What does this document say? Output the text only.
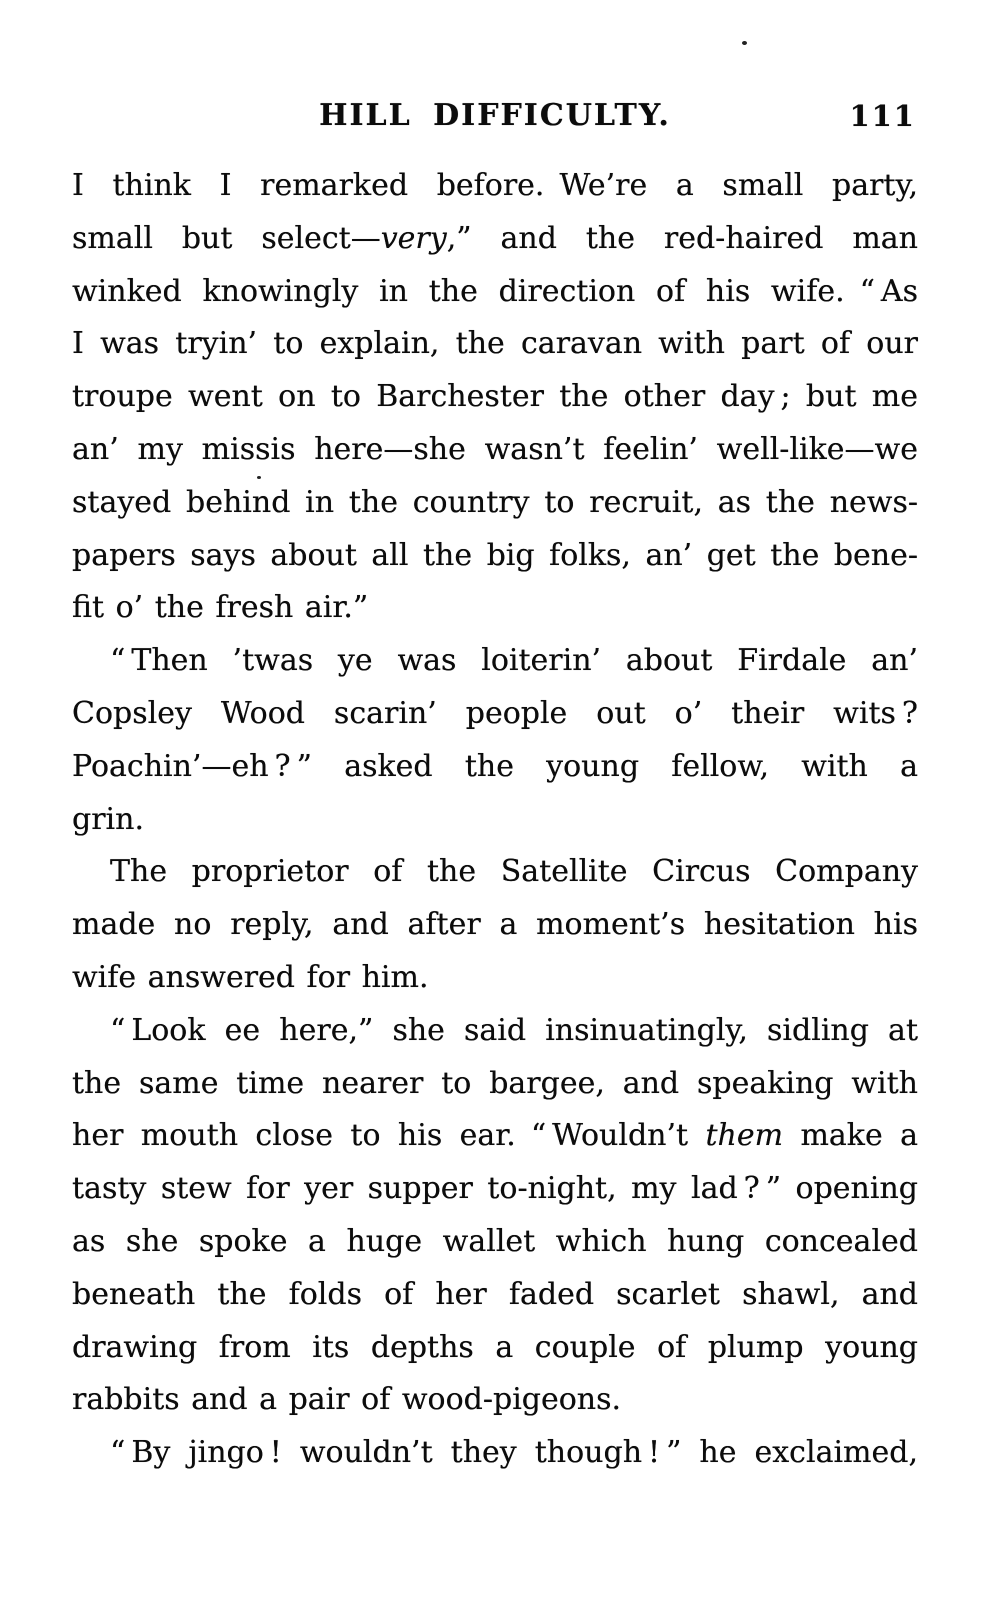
HILL DIFFICULTY.	111
I think I remarked before. We’re a small party,
small but select—very,” and the red-haired man
winked knowingly in the direction of his wife. “ As
I was tryin’ to explain, the caravan with part of our
troupe went on to Barchester the other day ; but me
an’ my missis here—she wasn’t feelin’ well-like—we
stayed behind in the country to recruit, as the news-
papers says about all the big folks, an’ get the bene-
fit o’ the fresh air.”
“ Then ’twas ye was loiterin’ about Firdale an’
Copsley Wood scarin’ people out o’ their wits ?
Poachin’—eh ? ” asked the young fellow, with a
grin.
The proprietor of the Satellite Circus Company
made no reply, and after a moment’s hesitation his
wife answered for him.
“ Look ee here,” she said insinuatingly, sidling at
the same time nearer to bargee, and speaking with
her mouth close to his ear. “ Wouldn’t them make a
tasty stew for yer supper to-night, my lad ? ” opening
as she spoke a huge wallet which hung concealed
beneath the folds of her faded scarlet shawl, and
drawing from its depths a couple of plump young
rabbits and a pair of wood-pigeons.
“ By jingo ! wouldn’t they though ! ” he exclaimed,
